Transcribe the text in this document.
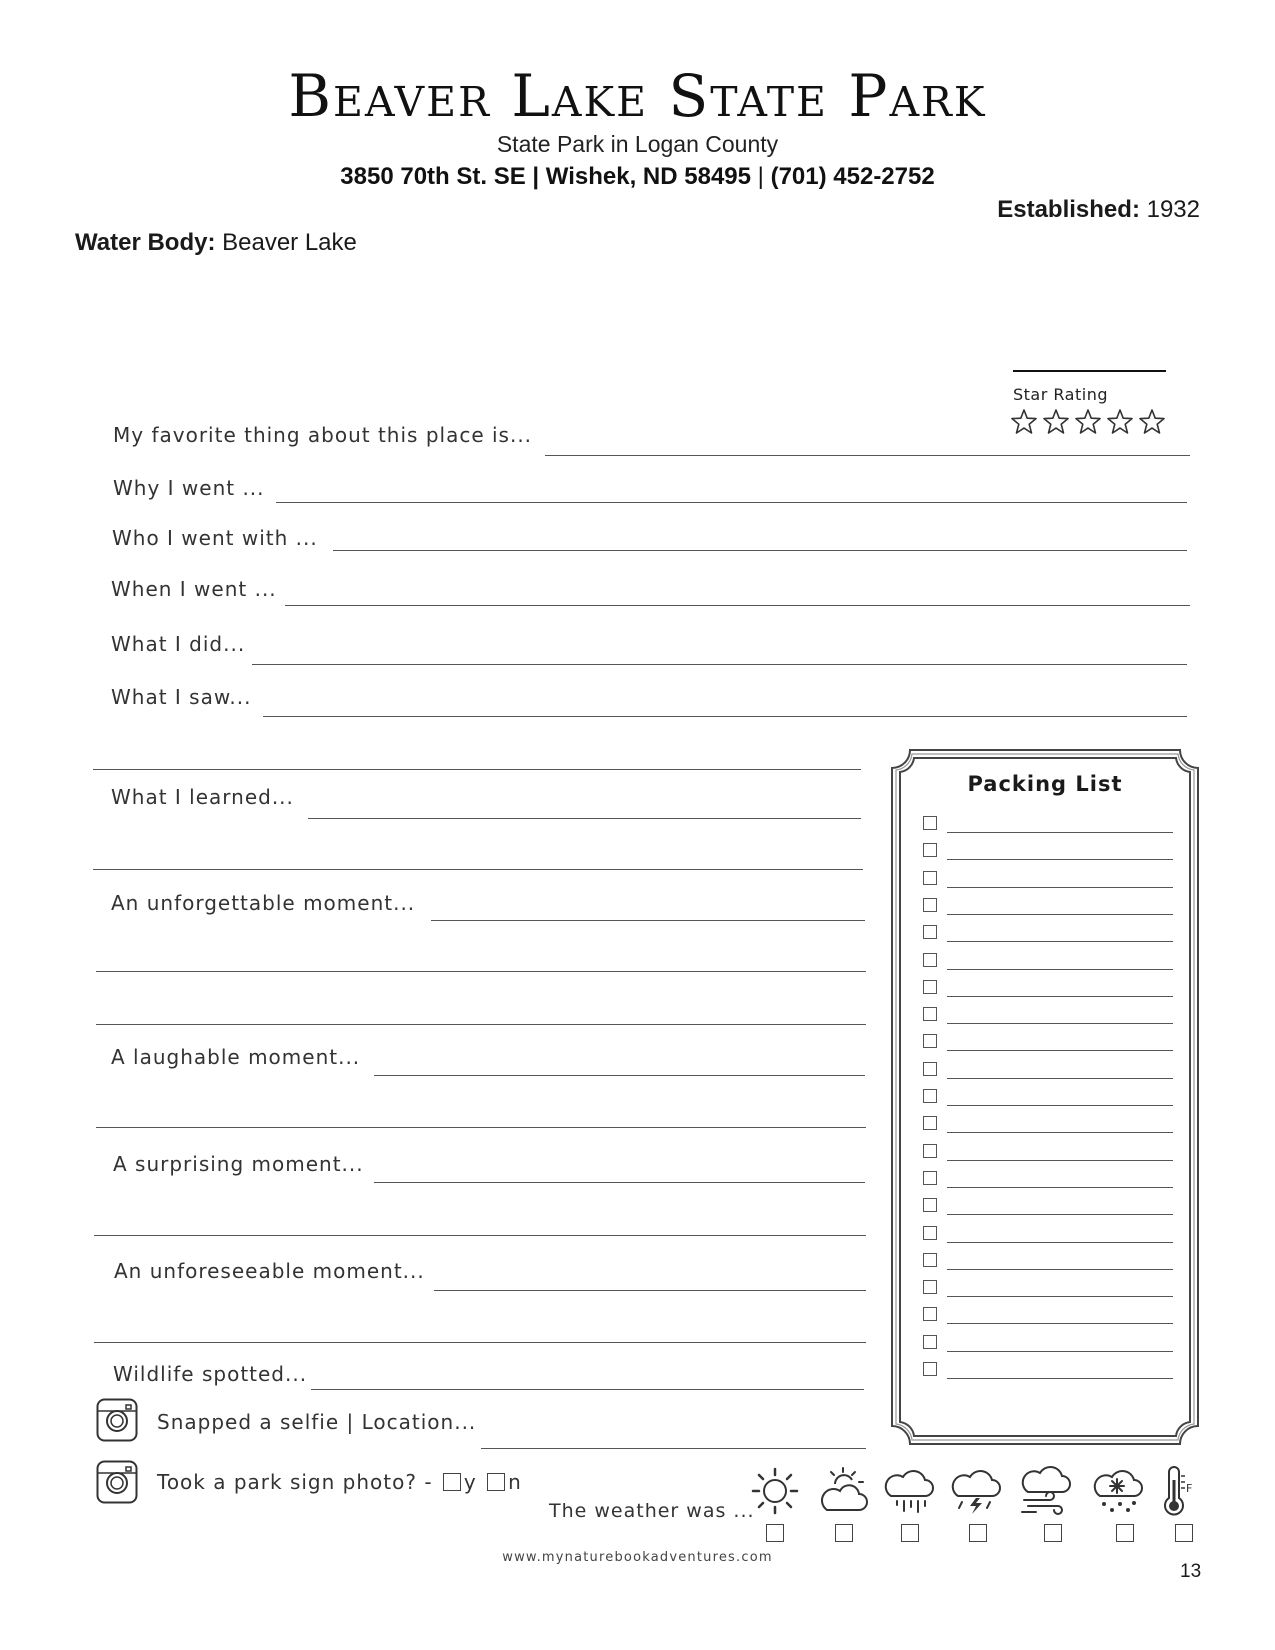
Beaver Lake State Park
State Park in Logan County
3850 70th St. SE | Wishek, ND 58495 | (701) 452-2752
Established: 1932
Water Body: Beaver Lake
Star Rating
My favorite thing about this place is...
Why I went ...
Who I went with ...
When I went ...
What I did...
What I saw...
What I learned...
An unforgettable moment...
A laughable moment...
A surprising moment...
An unforeseeable moment...
Wildlife spotted...
Snapped a selfie | Location...
Took a park sign photo? - y n
The weather was ...
F
Packing List
www.mynaturebookadventures.com
13
